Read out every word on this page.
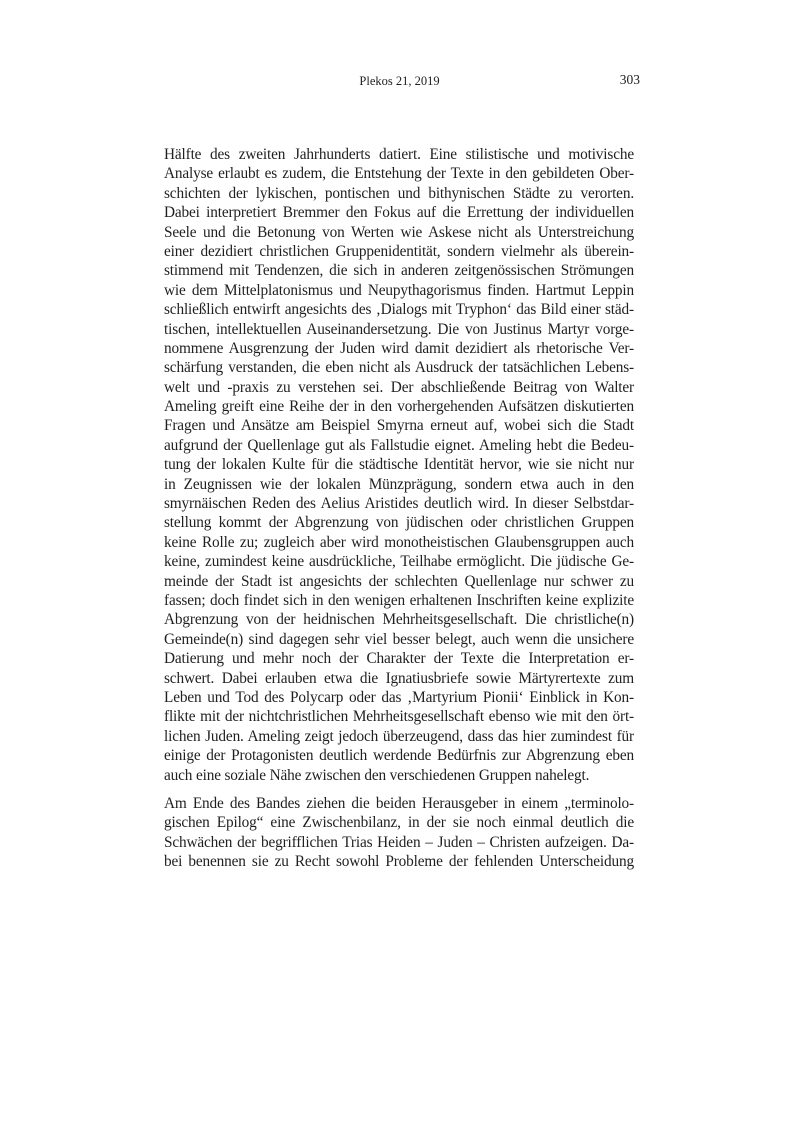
Plekos 21, 2019	303

Hälfte des zweiten Jahrhunderts datiert. Eine stilistische und motivische
Analyse erlaubt es zudem, die Entstehung der Texte in den gebildeten Ober-
schichten der lykischen, pontischen und bithynischen Städte zu verorten.
Dabei interpretiert Bremmer den Fokus auf die Errettung der individuellen
Seele und die Betonung von Werten wie Askese nicht als Unterstreichung
einer dezidiert christlichen Gruppenidentität, sondern vielmehr als überein-
stimmend mit Tendenzen, die sich in anderen zeitgenössischen Strömungen
wie dem Mittelplatonismus und Neupythagorismus finden. Hartmut Leppin
schließlich entwirft angesichts des ‚Dialogs mit Tryphon‘ das Bild einer städ-
tischen, intellektuellen Auseinandersetzung. Die von Justinus Martyr vorge-
nommene Ausgrenzung der Juden wird damit dezidiert als rhetorische Ver-
schärfung verstanden, die eben nicht als Ausdruck der tatsächlichen Lebens-
welt und -praxis zu verstehen sei. Der abschließende Beitrag von Walter
Ameling greift eine Reihe der in den vorhergehenden Aufsätzen diskutierten
Fragen und Ansätze am Beispiel Smyrna erneut auf, wobei sich die Stadt
aufgrund der Quellenlage gut als Fallstudie eignet. Ameling hebt die Bedeu-
tung der lokalen Kulte für die städtische Identität hervor, wie sie nicht nur
in Zeugnissen wie der lokalen Münzprägung, sondern etwa auch in den
smyrnäischen Reden des Aelius Aristides deutlich wird. In dieser Selbstdar-
stellung kommt der Abgrenzung von jüdischen oder christlichen Gruppen
keine Rolle zu; zugleich aber wird monotheistischen Glaubensgruppen auch
keine, zumindest keine ausdrückliche, Teilhabe ermöglicht. Die jüdische Ge-
meinde der Stadt ist angesichts der schlechten Quellenlage nur schwer zu
fassen; doch findet sich in den wenigen erhaltenen Inschriften keine explizite
Abgrenzung von der heidnischen Mehrheitsgesellschaft. Die christliche(n)
Gemeinde(n) sind dagegen sehr viel besser belegt, auch wenn die unsichere
Datierung und mehr noch der Charakter der Texte die Interpretation er-
schwert. Dabei erlauben etwa die Ignatiusbriefe sowie Märtyrertexte zum
Leben und Tod des Polycarp oder das ‚Martyrium Pionii‘ Einblick in Kon-
flikte mit der nichtchristlichen Mehrheitsgesellschaft ebenso wie mit den ört-
lichen Juden. Ameling zeigt jedoch überzeugend, dass das hier zumindest für
einige der Protagonisten deutlich werdende Bedürfnis zur Abgrenzung eben
auch eine soziale Nähe zwischen den verschiedenen Gruppen nahelegt.

Am Ende des Bandes ziehen die beiden Herausgeber in einem „terminolo-
gischen Epilog“ eine Zwischenbilanz, in der sie noch einmal deutlich die
Schwächen der begrifflichen Trias Heiden – Juden – Christen aufzeigen. Da-
bei benennen sie zu Recht sowohl Probleme der fehlenden Unterscheidung
